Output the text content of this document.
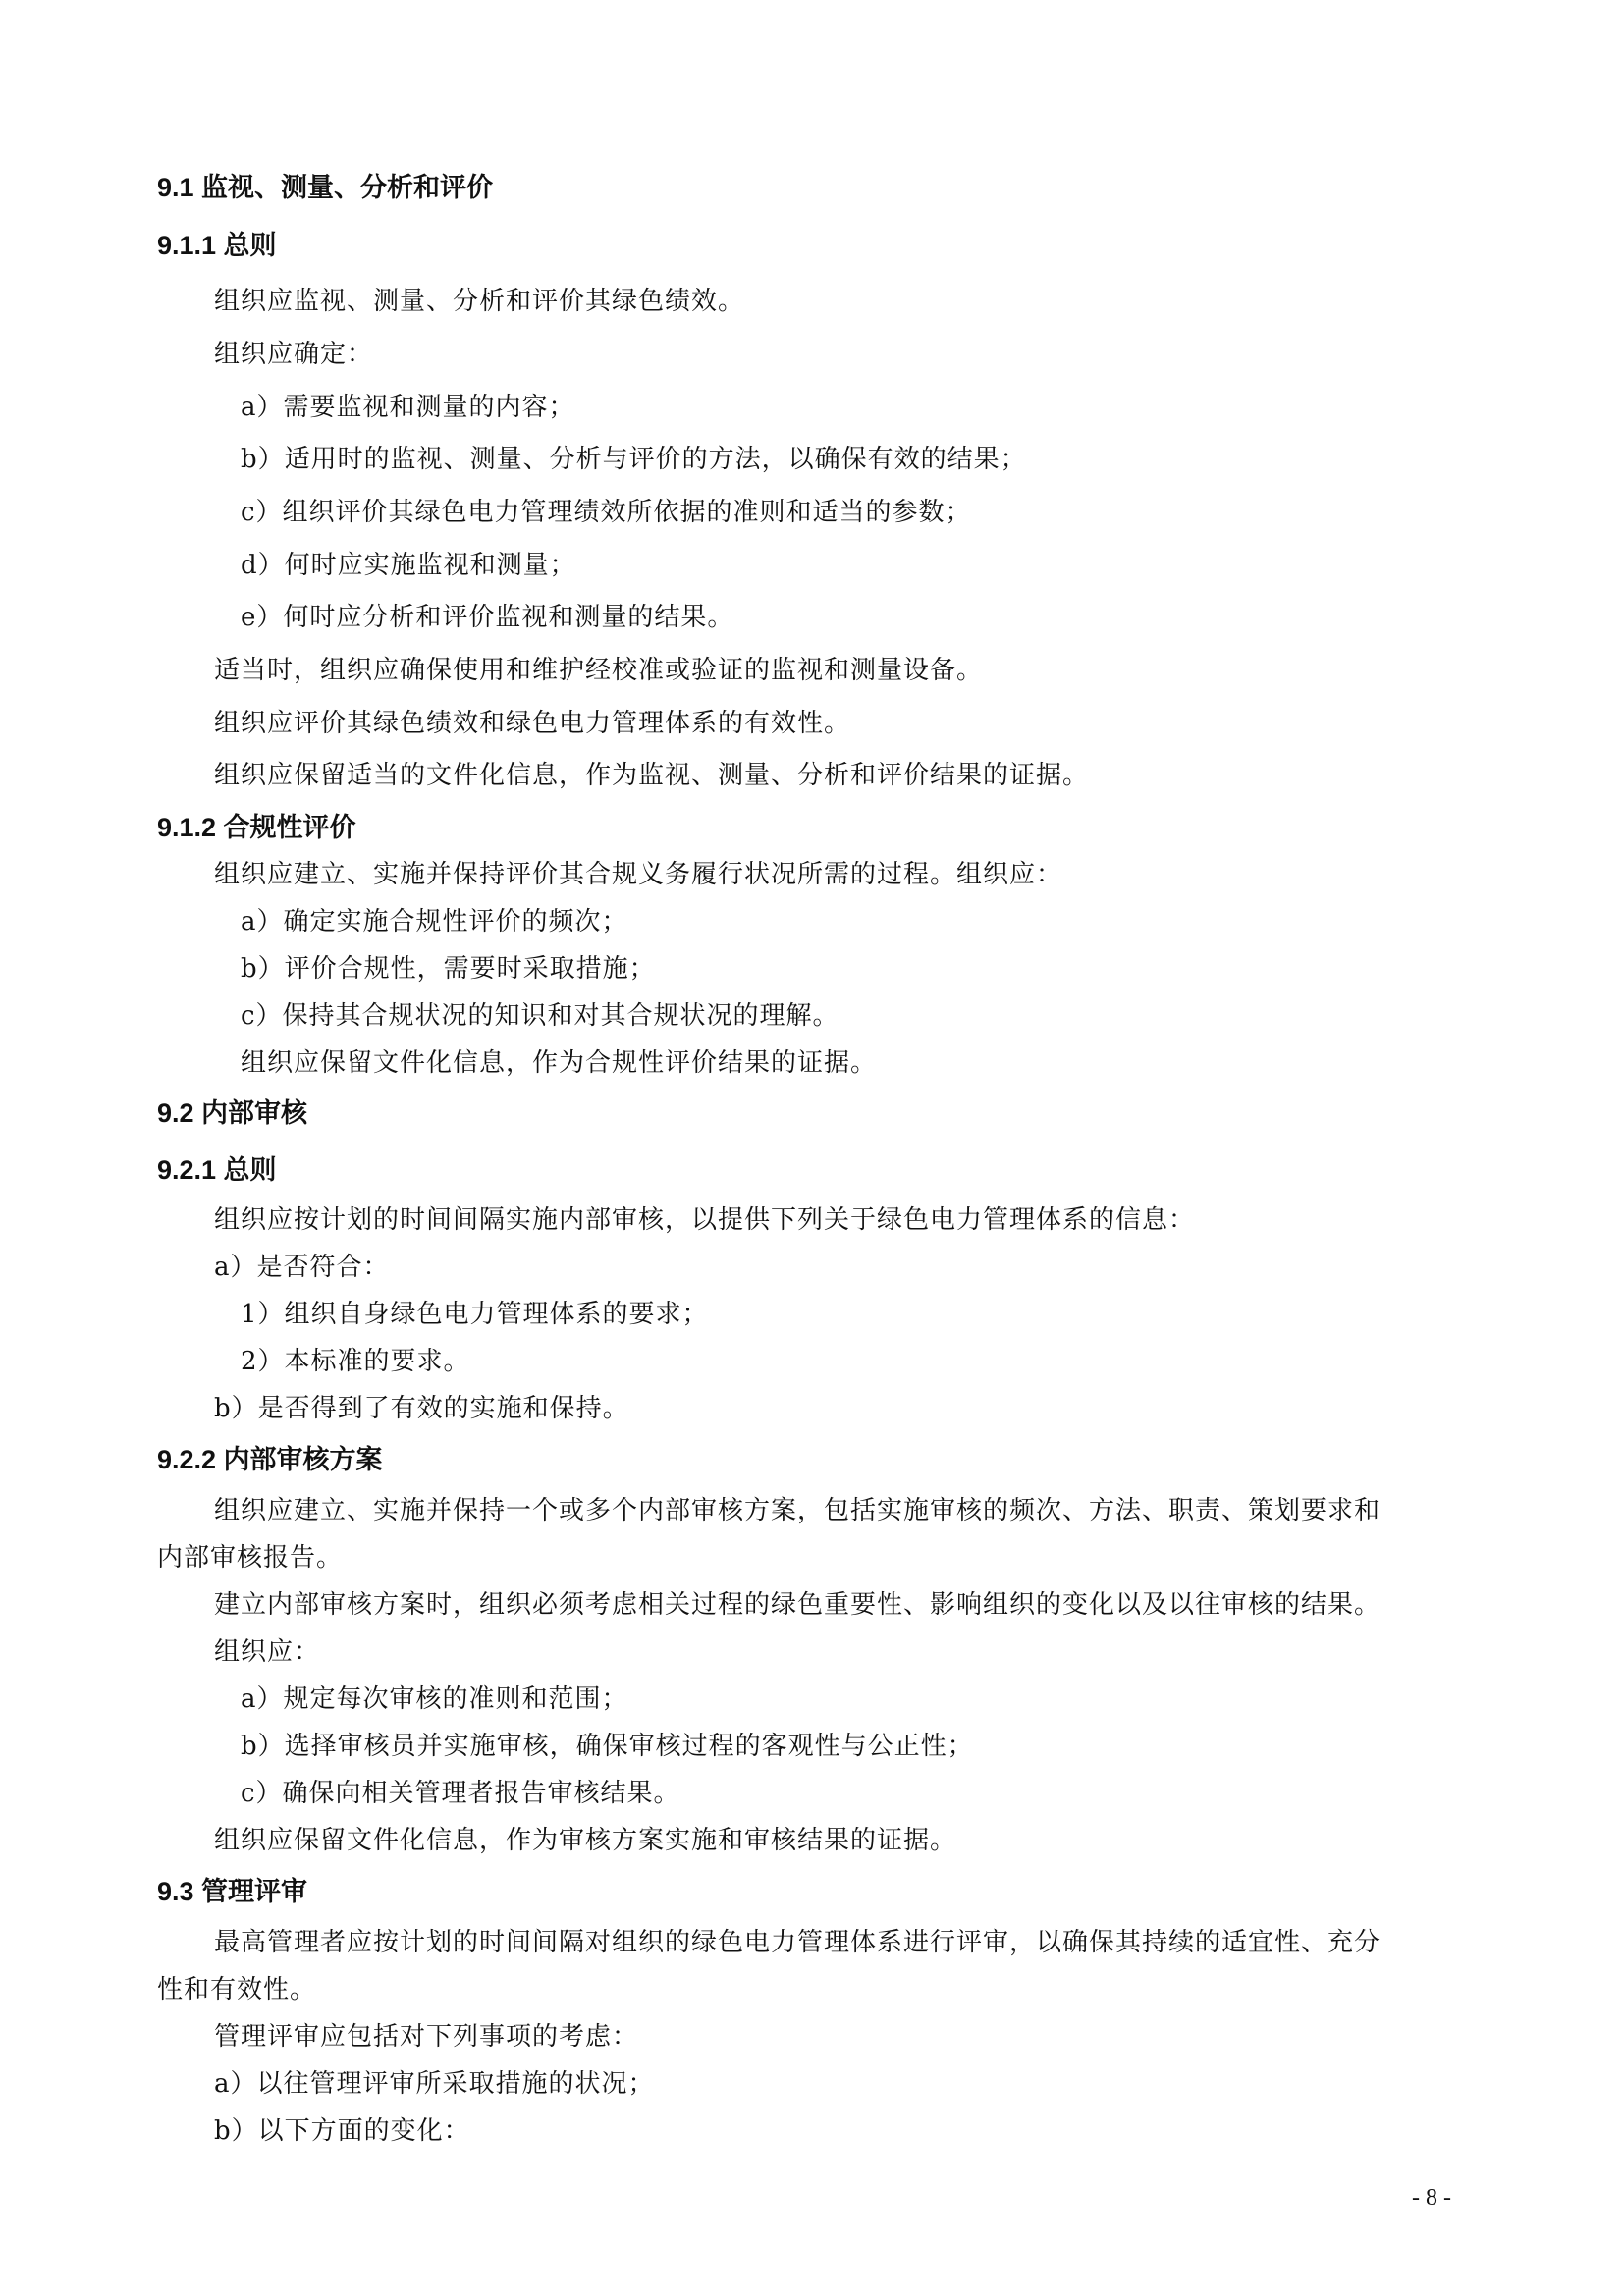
9.1 监视、测量、分析和评价
9.1.1 总则
组织应监视、测量、分析和评价其绿色绩效。
组织应确定：
a）需要监视和测量的内容；
b）适用时的监视、测量、分析与评价的方法，以确保有效的结果；
c）组织评价其绿色电力管理绩效所依据的准则和适当的参数；
d）何时应实施监视和测量；
e）何时应分析和评价监视和测量的结果。
适当时，组织应确保使用和维护经校准或验证的监视和测量设备。
组织应评价其绿色绩效和绿色电力管理体系的有效性。
组织应保留适当的文件化信息，作为监视、测量、分析和评价结果的证据。
9.1.2 合规性评价
组织应建立、实施并保持评价其合规义务履行状况所需的过程。组织应：
a）确定实施合规性评价的频次；
b）评价合规性，需要时采取措施；
c）保持其合规状况的知识和对其合规状况的理解。
组织应保留文件化信息，作为合规性评价结果的证据。
9.2 内部审核
9.2.1 总则
组织应按计划的时间间隔实施内部审核，以提供下列关于绿色电力管理体系的信息：
a）是否符合：
1）组织自身绿色电力管理体系的要求；
2）本标准的要求。
b）是否得到了有效的实施和保持。
9.2.2 内部审核方案
组织应建立、实施并保持一个或多个内部审核方案，包括实施审核的频次、方法、职责、策划要求和
内部审核报告。
建立内部审核方案时，组织必须考虑相关过程的绿色重要性、影响组织的变化以及以往审核的结果。
组织应：
a）规定每次审核的准则和范围；
b）选择审核员并实施审核，确保审核过程的客观性与公正性；
c）确保向相关管理者报告审核结果。
组织应保留文件化信息，作为审核方案实施和审核结果的证据。
9.3 管理评审
最高管理者应按计划的时间间隔对组织的绿色电力管理体系进行评审，以确保其持续的适宜性、充分
性和有效性。
管理评审应包括对下列事项的考虑：
a）以往管理评审所采取措施的状况；
b）以下方面的变化：
- 8 -
